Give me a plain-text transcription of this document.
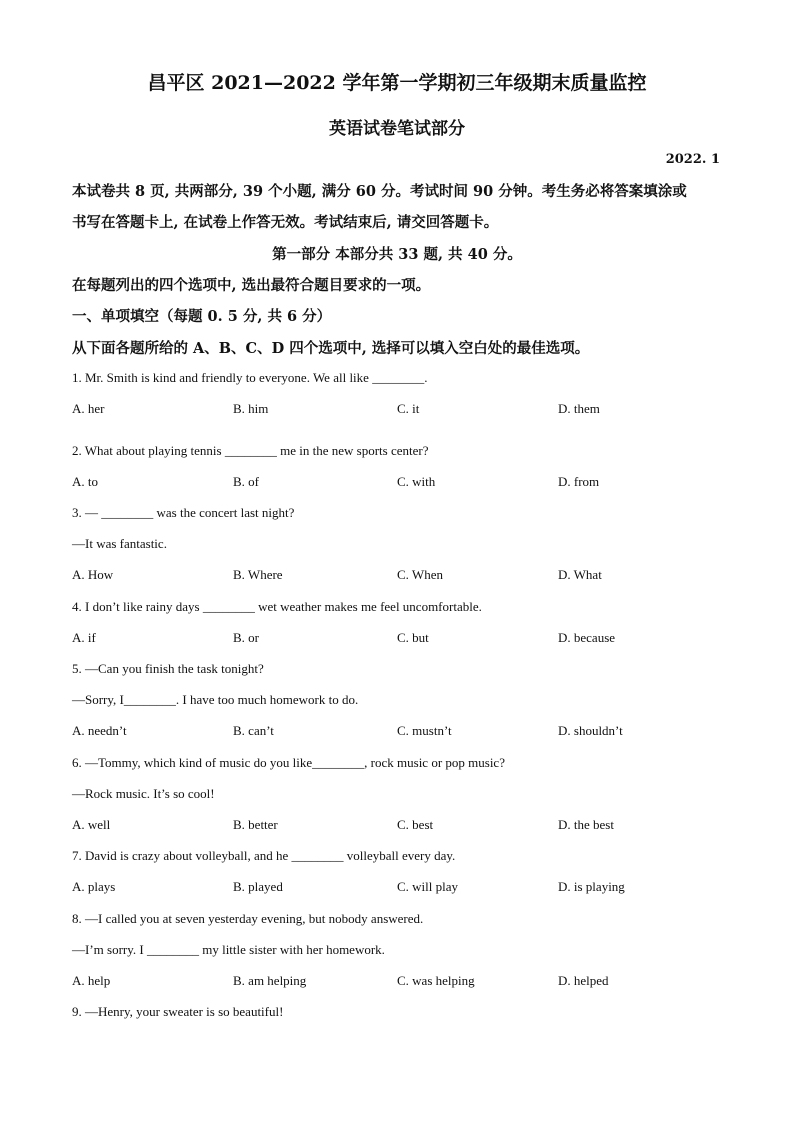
昌平区 2021—2022 学年第一学期初三年级期末质量监控
英语试卷笔试部分
2022. 1
本试卷共 8 页, 共两部分, 39 个小题, 满分 60 分。考试时间 90 分钟。考生务必将答案填涂或
书写在答题卡上, 在试卷上作答无效。考试结束后, 请交回答题卡。
第一部分 本部分共 33 题, 共 40 分。
在每题列出的四个选项中, 选出最符合题目要求的一项。
一、单项填空（每题 0. 5 分, 共 6 分）
从下面各题所给的 A、B、C、D 四个选项中, 选择可以填入空白处的最佳选项。
1. Mr. Smith is kind and friendly to everyone. We all like ________.
A. her	B. him	C. it	D. them
2. What about playing tennis ________ me in the new sports center?
A. to	B. of	C. with	D. from
3. — ________ was the concert last night?
—It was fantastic.
A. How	B. Where	C. When	D. What
4. I don’t like rainy days ________ wet weather makes me feel uncomfortable.
A. if	B. or	C. but	D. because
5. —Can you finish the task tonight?
—Sorry, I________. I have too much homework to do.
A. needn’t	B. can’t	C. mustn’t	D. shouldn’t
6. —Tommy, which kind of music do you like________, rock music or pop music?
—Rock music. It’s so cool!
A. well	B. better	C. best	D. the best
7. David is crazy about volleyball, and he ________ volleyball every day.
A. plays	B. played	C. will play	D. is playing
8. —I called you at seven yesterday evening, but nobody answered.
—I’m sorry. I ________ my little sister with her homework.
A. help	B. am helping	C. was helping	D. helped
9. —Henry, your sweater is so beautiful!
